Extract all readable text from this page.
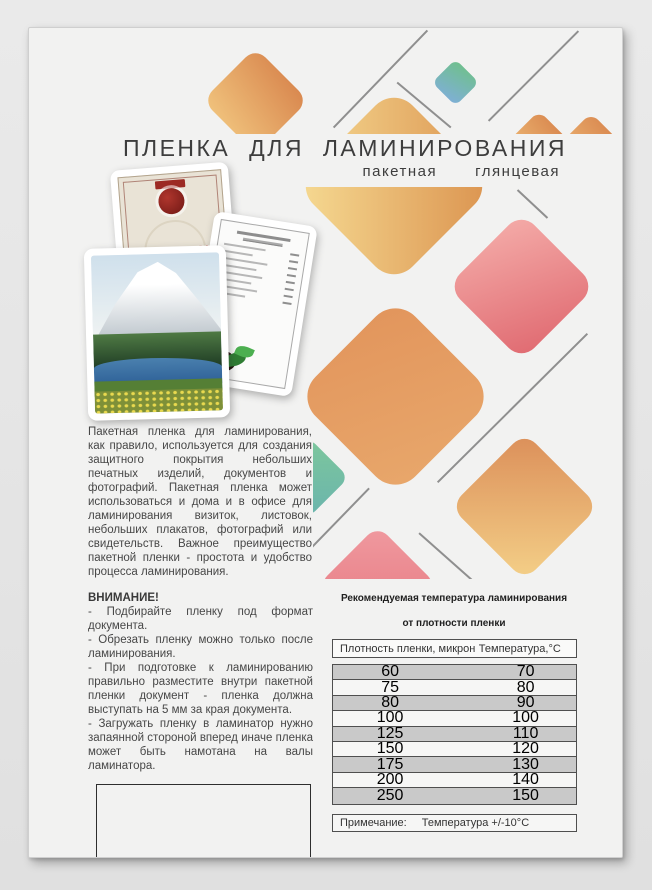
ПЛЕНКА ДЛЯ ЛАМИНИРОВАНИЯ
пакетная	глянцевая
Пакетная пленка для ламинирования, как правило, используется для создания защитного покрытия небольших печатных изделий, документов и фотографий. Пакетная пленка может использоваться и дома и в офисе для ламинирования визиток, листовок, небольших плакатов, фотографий или свидетельств. Важное преимущество пакетной пленки - простота и удобство процесса ламинирования.

ВНИМАНИЕ!

- Подбирайте пленку под формат документа.

- Обрезать пленку можно только после ламинирования.

- При подготовке к ламинированию правильно разместите внутри пакетной пленки документ - пленка должна выступать на 5 мм за края документа.

- Загружать пленку в ламинатор нужно запаянной стороной вперед иначе пленка может быть намотана на валы ламинатора.

Рекомендуемая температура ламинирования
от плотности пленки
Плотность пленки, микрон Температура,°C
60	70
75	80
80	90
100	100
125	110
150	120
175	130
200	140
250	150
Примечание: Температура +/-10°C
